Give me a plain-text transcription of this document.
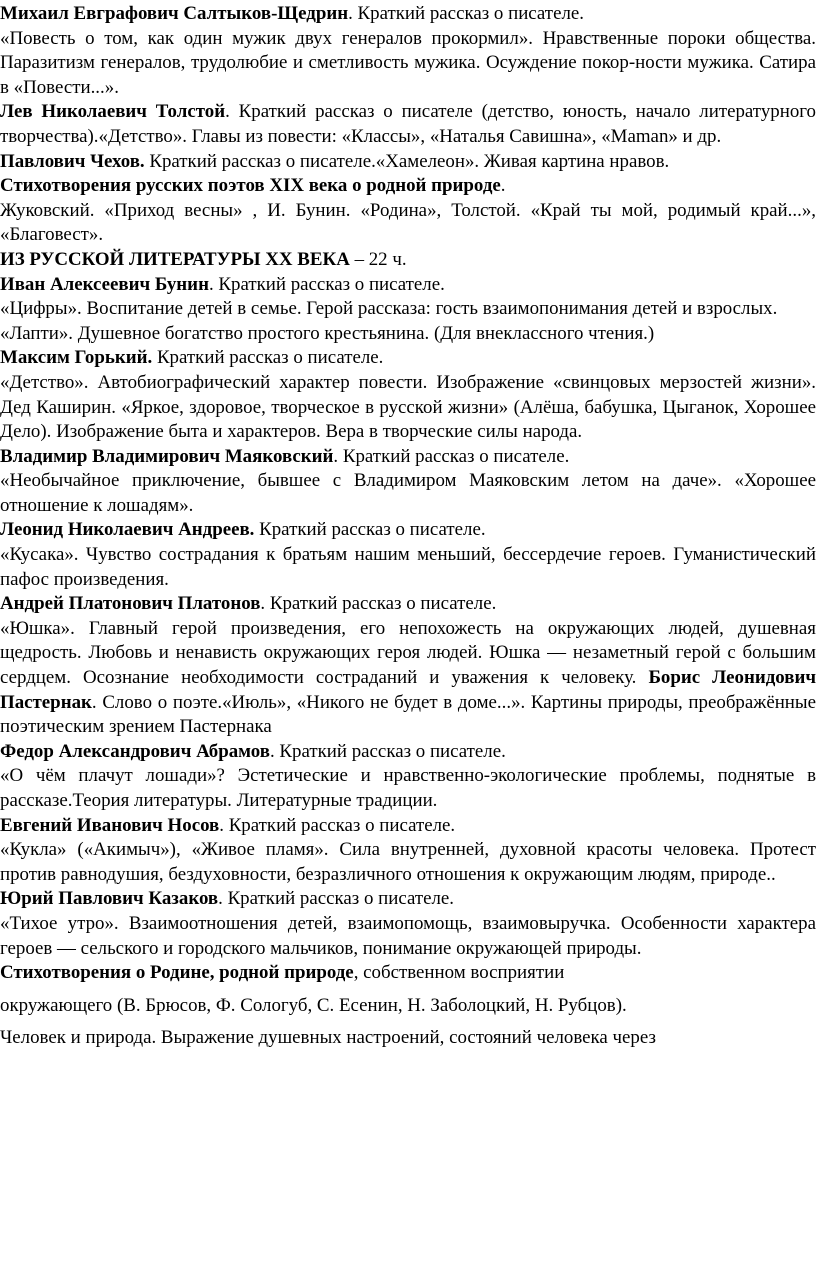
Михаил Евграфович Салтыков-Щедрин. Краткий рассказ о писателе.

«Повесть о том, как один мужик двух генералов прокормил». Нравственные пороки общества. Паразитизм генералов, трудолюбие и сметливость мужика. Осуждение покор-ности мужика. Сатира в «Повести...».

Лев Николаевич Толстой. Краткий рассказ о писателе (детство, юность, начало литературного творчества).«Детство». Главы из повести: «Классы», «Наталья Савишна», «Maman» и др.

Павлович Чехов. Краткий рассказ о писателе.«Хамелеон». Живая картина нравов.

Стихотворения русских поэтов XIX века о родной природе.

Жуковский. «Приход весны» , И. Бунин. «Родина», Толстой. «Край ты мой, родимый край...», «Благовест».

ИЗ РУССКОЙ ЛИТЕРАТУРЫ XX ВЕКА – 22 ч.

Иван Алексеевич Бунин. Краткий рассказ о писателе.

«Цифры». Воспитание детей в семье. Герой рассказа: гость взаимопонимания детей и взрослых.

«Лапти». Душевное богатство простого крестьянина. (Для внеклассного чтения.)

Максим Горький. Краткий рассказ о писателе.

«Детство». Автобиографический характер повести. Изображение «свинцовых мерзостей жизни». Дед Каширин. «Яркое, здоровое, творческое в русской жизни» (Алёша, бабушка, Цыганок, Хорошее Дело). Изображение быта и характеров. Вера в творческие силы народа.

Владимир Владимирович Маяковский. Краткий рассказ о писателе.

«Необычайное приключение, бывшее с Владимиром Маяковским летом на даче». «Хорошее отношение к лошадям».

Леонид Николаевич Андреев. Краткий рассказ о писателе.

«Кусака». Чувство сострадания к братьям нашим меньший, бессердечие героев. Гуманистический пафос произведения.

Андрей Платонович Платонов. Краткий рассказ о писателе.

«Юшка». Главный герой произведения, его непохожесть на окружающих людей, душевная щедрость. Любовь и ненависть окружающих героя людей. Юшка — незаметный герой с большим сердцем. Осознание необходимости состраданий и уважения к человеку. Борис Леонидович Пастернак. Слово о поэте.«Июль», «Никого не будет в доме...». Картины природы, преображённые поэтическим зрением Пастернака

Федор Александрович Абрамов. Краткий рассказ о писателе.

«О чём плачут лошади»? Эстетические и нравственно-экологические проблемы, поднятые в рассказе.Теория литературы. Литературные традиции.

Евгений Иванович Носов. Краткий рассказ о писателе.

«Кукла» («Акимыч»), «Живое пламя». Сила внутренней, духовной красоты человека. Протест против равнодушия, бездуховности, безразличного отношения к окружающим людям, природе..

Юрий Павлович Казаков. Краткий рассказ о писателе.

«Тихое утро». Взаимоотношения детей, взаимопомощь, взаимовыручка. Особенности характера героев — сельского и городского мальчиков, понимание окружающей природы.

Стихотворения о Родине, родной природе, собственном восприятии

окружающего (В. Брюсов, Ф. Сологуб, С. Есенин, Н. Заболоцкий, Н. Рубцов).

Человек и природа. Выражение душевных настроений, состояний человека через
